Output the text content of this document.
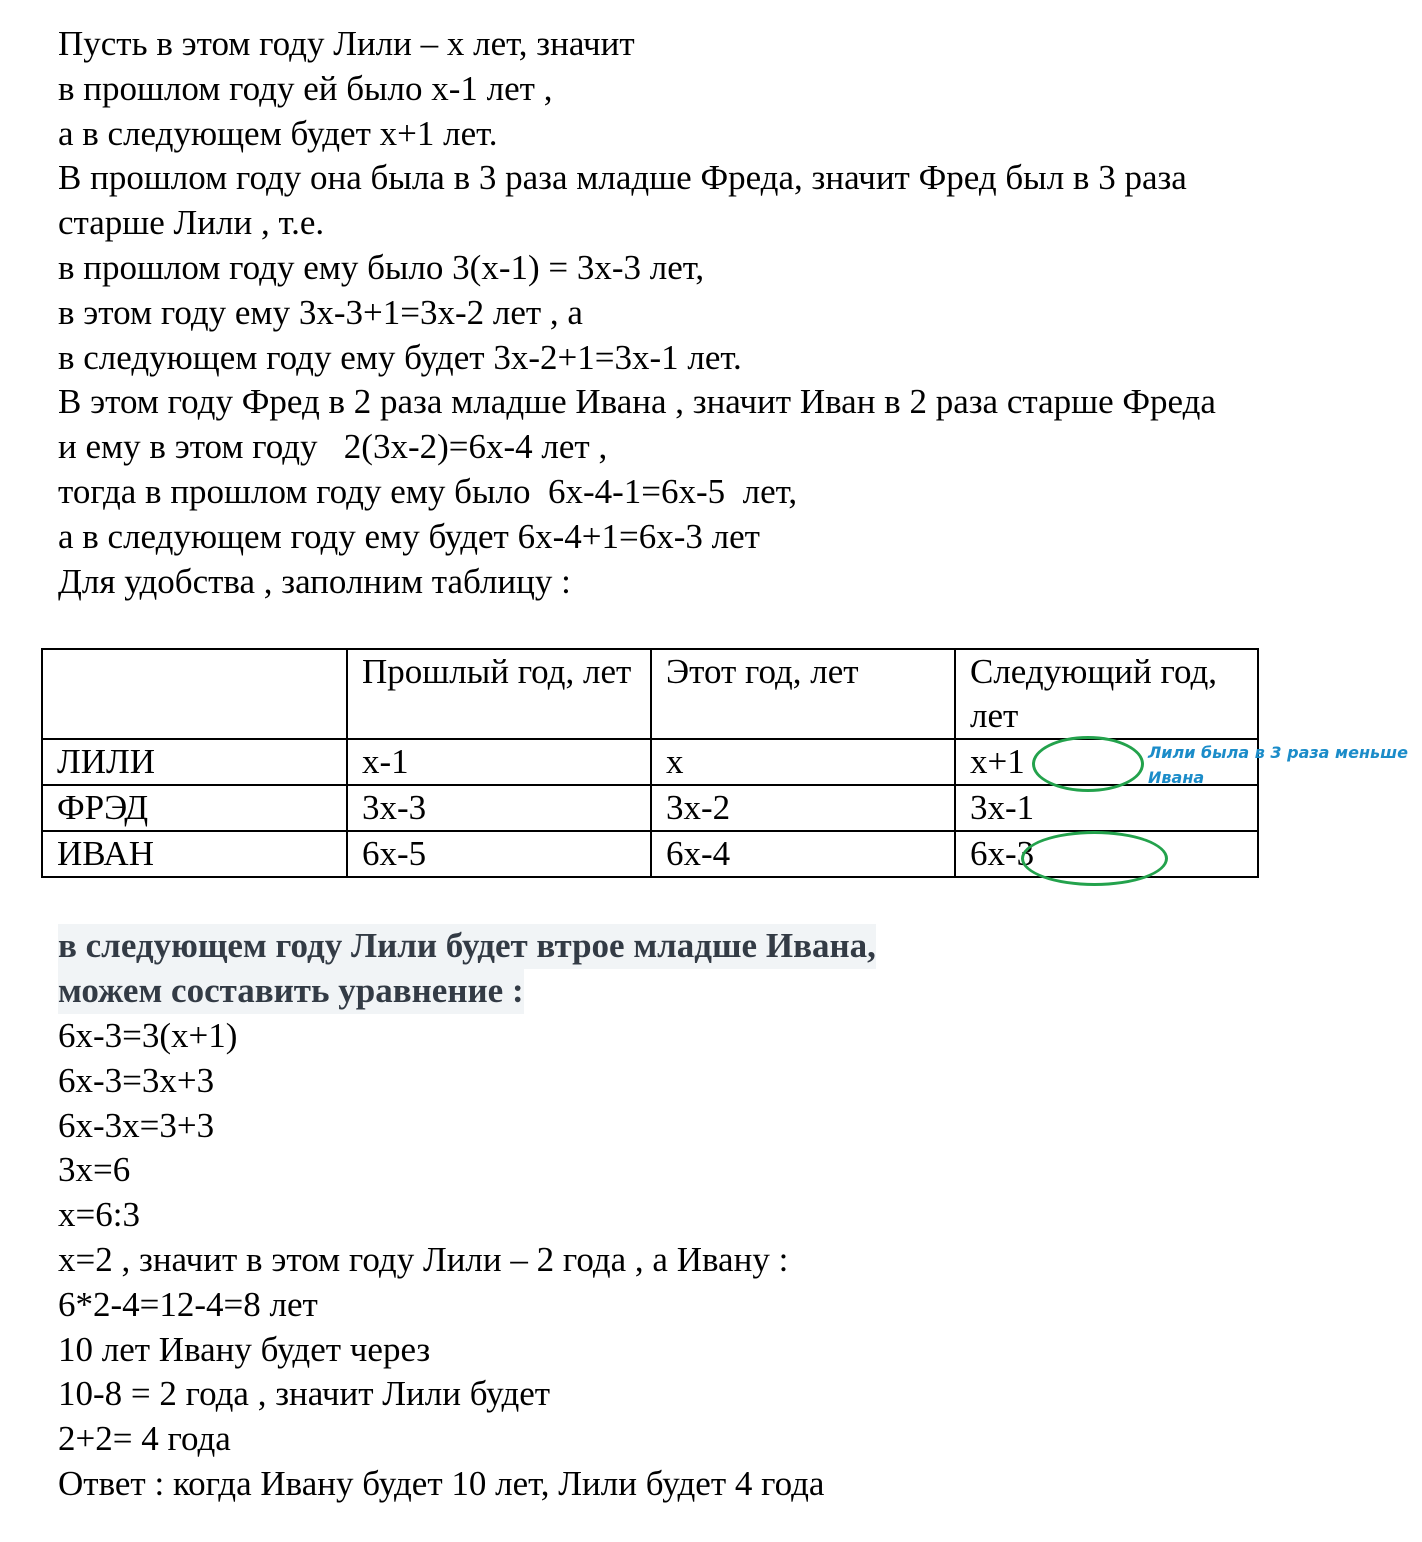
Пусть в этом году Лили – х лет, значит
в прошлом году ей было х-1 лет ,
а в следующем будет х+1 лет.
В прошлом году она была в 3 раза младше Фреда, значит Фред был в 3 раза
старше Лили , т.е.
в прошлом году ему было 3(х-1) = 3х-3 лет,
в этом году ему 3х-3+1=3х-2 лет , а
в следующем году ему будет 3х-2+1=3х-1 лет.
В этом году Фред в 2 раза младше Ивана , значит Иван в 2 раза старше Фреда
и ему в этом году   2(3х-2)=6х-4 лет ,
тогда в прошлом году ему было  6х-4-1=6х-5  лет,
а в следующем году ему будет 6х-4+1=6х-3 лет
Для удобства , заполним таблицу :
	Прошлый год, лет	Этот год, лет	Следующий год, лет
ЛИЛИ	х-1	х	х+1
ФРЭД	3х-3	3х-2	3х-1
ИВАН	6х-5	6х-4	6х-3
Лили была в 3 раза меньше
Ивана
в следующем году Лили будет втрое младше Ивана,
можем составить уравнение :
6х-3=3(х+1)
6х-3=3х+3
6х-3х=3+3
3х=6
х=6:3
х=2 , значит в этом году Лили – 2 года , а Ивану :
6*2-4=12-4=8 лет
10 лет Ивану будет через
10-8 = 2 года , значит Лили будет
2+2= 4 года
Ответ : когда Ивану будет 10 лет, Лили будет 4 года
